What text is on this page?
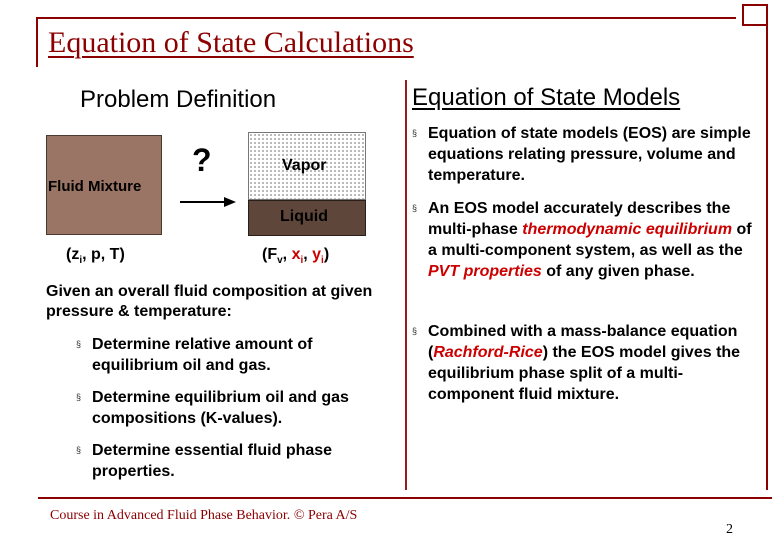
Equation of State Calculations
Problem Definition
Fluid Mixture
?	Vapor
Liquid
($z_i$, p, T)	($F_v$, $x_i$, $y_i$)
Given an overall fluid composition at given pressure & temperature:
§ Determine relative amount of equilibrium oil and gas.
§ Determine equilibrium oil and gas compositions (K-values).
§ Determine essential fluid phase properties.
Equation of State Models
§ Equation of state models (EOS) are simple equations relating pressure, volume and temperature.
§ An EOS model accurately describes the multi-phase thermodynamic equilibrium of a multi-component system, as well as the PVT properties of any given phase.
§ Combined with a mass-balance equation (Rachford-Rice) the EOS model gives the equilibrium phase split of a multi-component fluid mixture.
Course in Advanced Fluid Phase Behavior. © Pera A/S
2
